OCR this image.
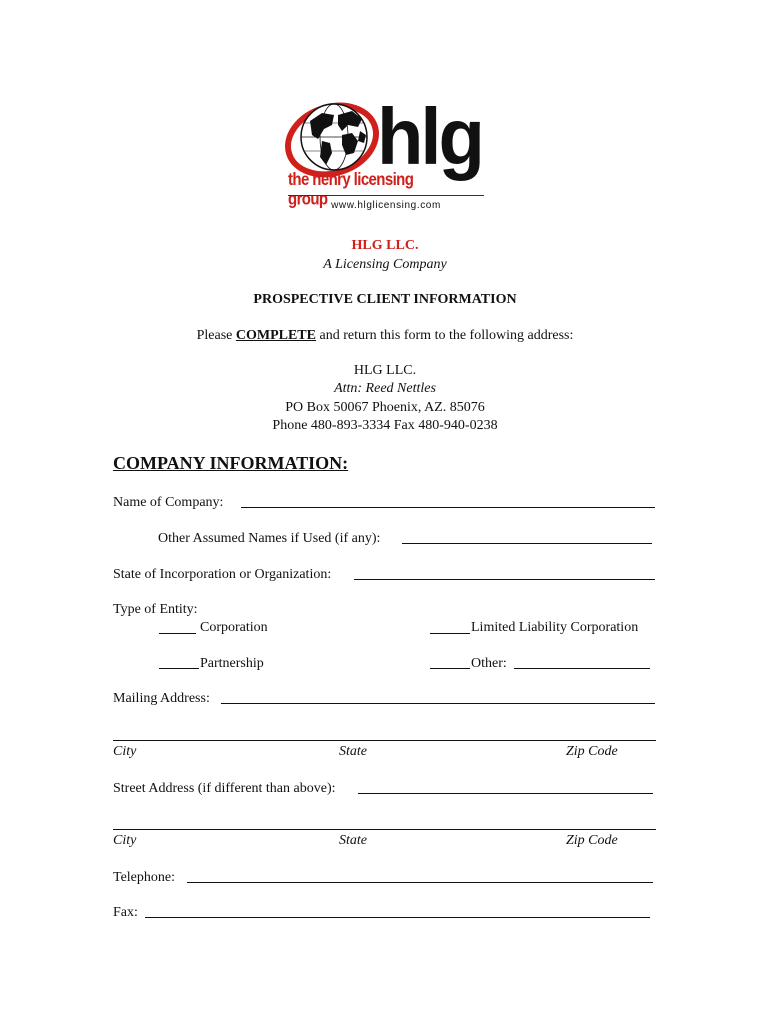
hlg
the henry licensing group www.hlglicensing.com
HLG LLC.
A Licensing Company
PROSPECTIVE CLIENT INFORMATION
Please COMPLETE and return this form to the following address:
HLG LLC.
Attn: Reed Nettles
PO Box 50067 Phoenix, AZ. 85076
Phone 480-893-3334 Fax 480-940-0238
COMPANY INFORMATION:
Name of Company:
Other Assumed Names if Used (if any):
State of Incorporation or Organization:
Type of Entity:
Corporation	Limited Liability Corporation
Partnership	Other:
Mailing Address:
City	State	Zip Code
Street Address (if different than above):
City	State	Zip Code
Telephone:
Fax:
